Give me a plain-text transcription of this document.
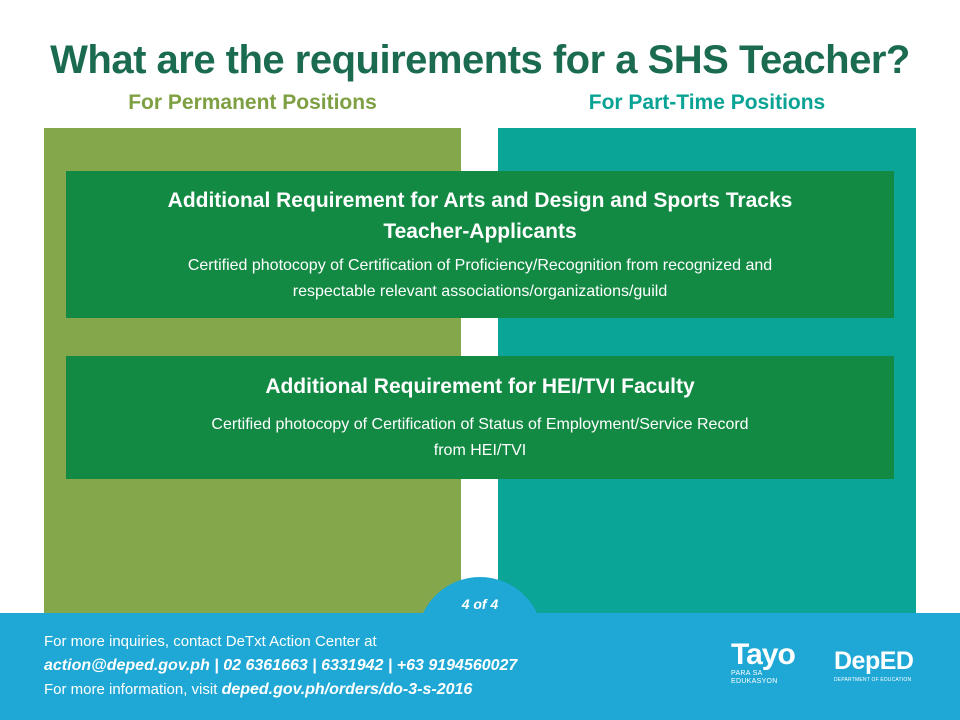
What are the requirements for a SHS Teacher?
For Permanent Positions	For Part-Time Positions
Additional Requirement for Arts and Design and Sports Tracks
Teacher-Applicants
Certified photocopy of Certification of Proficiency/Recognition from recognized and
respectable relevant associations/organizations/guild
Additional Requirement for HEI/TVI Faculty
Certified photocopy of Certification of Status of Employment/Service Record
from HEI/TVI
4 of 4
For more inquiries, contact DeTxt Action Center at
action@deped.gov.ph | 02 6361663 | 6331942 | +63 9194560027
For more information, visit deped.gov.ph/orders/do-3-s-2016
Tayo
PARA SA EDUKASYON
DepED
DEPARTMENT OF EDUCATION
